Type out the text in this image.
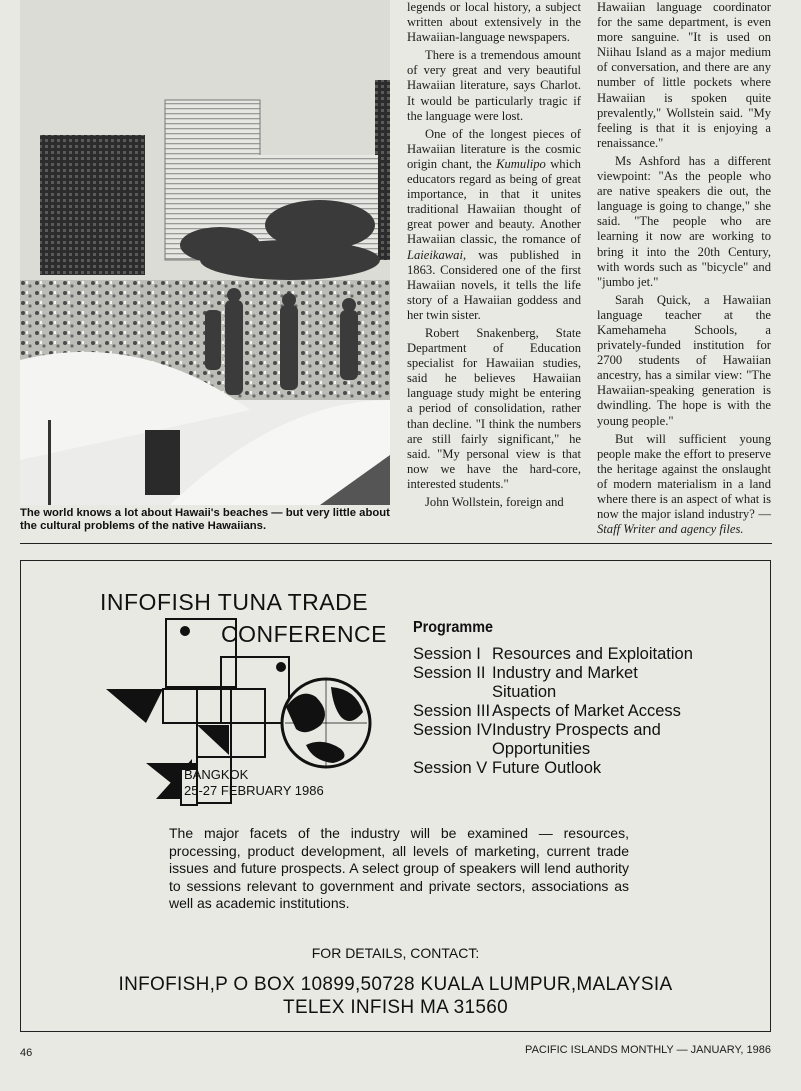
The world knows a lot about Hawaii's beaches — but very little about the cultural problems of the native Hawaiians.

legends or local history, a subject written about extensively in the Hawaiian-language newspapers.

There is a tremendous amount of very great and very beautiful Hawaiian literature, says Charlot. It would be particularly tragic if the language were lost.

One of the longest pieces of Hawaiian literature is the cosmic origin chant, the Kumulipo which educators regard as being of great importance, in that it unites traditional Hawaiian thought of great power and beauty. Another Hawaiian classic, the romance of Laieikawai, was published in 1863. Considered one of the first Hawaiian novels, it tells the life story of a Hawaiian goddess and her twin sister.

Robert Snakenberg, State Department of Education specialist for Hawaiian studies, said he believes Hawaiian language study might be entering a period of consolidation, rather than decline. "I think the numbers are still fairly significant," he said. "My personal view is that now we have the hard-core, interested students."

John Wollstein, foreign and

Hawaiian language coordinator for the same department, is even more sanguine. "It is used on Niihau Island as a major medium of conversation, and there are any number of little pockets where Hawaiian is spoken quite prevalently," Wollstein said. "My feeling is that it is enjoying a renaissance."

Ms Ashford has a different viewpoint: "As the people who are native speakers die out, the language is going to change," she said. "The people who are learning it now are working to bring it into the 20th Century, with words such as "bicycle" and "jumbo jet."

Sarah Quick, a Hawaiian language teacher at the Kamehameha Schools, a privately-funded institution for 2700 students of Hawaiian ancestry, has a similar view: "The Hawaiian-speaking generation is dwindling. The hope is with the young people."

But will sufficient young people make the effort to preserve the heritage against the onslaught of modern materialism in a land where there is an aspect of what is now the major island industry? — Staff Writer and agency files.

INFOFISH TUNA TRADE
CONFERENCE
BANGKOK
25-27 FEBRUARY 1986
Programme
Session I Resources and Exploitation
Session II Industry and Market Situation
Session III Aspects of Market Access
Session IV Industry Prospects and Opportunities
Session V Future Outlook
The major facets of the industry will be examined — resources, processing, product development, all levels of marketing, current trade issues and future prospects. A select group of speakers will lend authority to sessions relevant to government and private sectors, associations as well as academic institutions.
FOR DETAILS, CONTACT:
INFOFISH,P O BOX 10899,50728 KUALA LUMPUR,MALAYSIA
TELEX INFISH MA 31560
46	PACIFIC ISLANDS MONTHLY — JANUARY, 1986
